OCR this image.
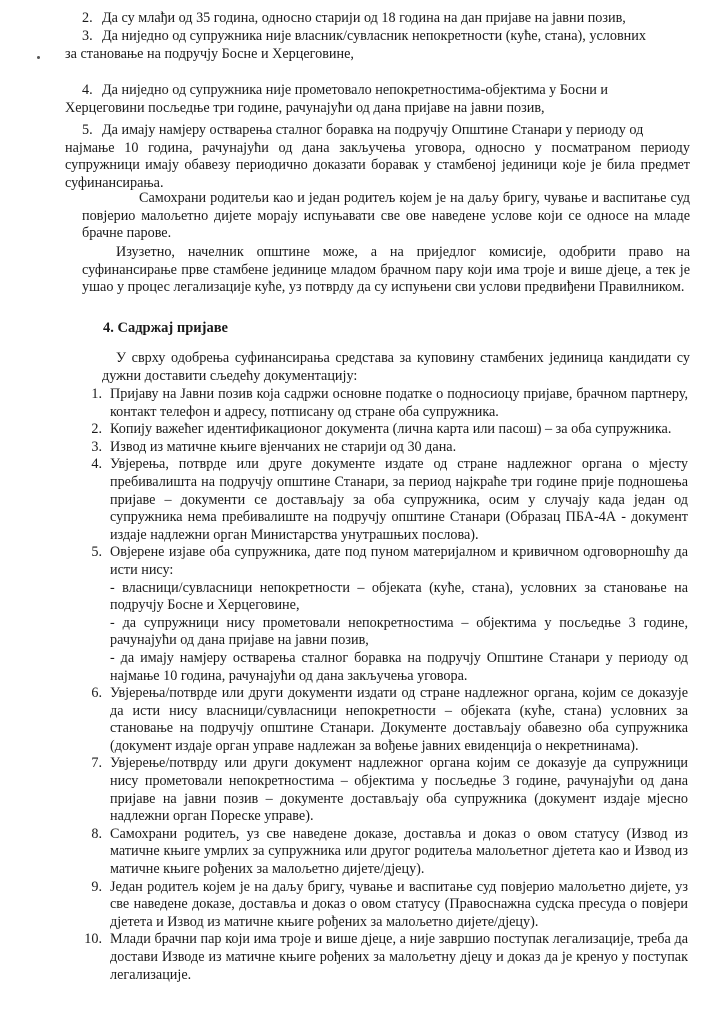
2. Да су млађи од 35 година, односно старији од 18 година на дан пријаве на јавни позив,
3. Да ниједно од супружника није власник/сувласник непокретности (куће, стана), условних
за становање на подручју Босне и Херцеговине,
4. Да ниједно од супружника није прометовало непокретностима-објектима у Босни и
Херцеговини посљедње три године, рачунајући од дана пријаве на јавни позив,
5. Да имају намјеру остварења сталног боравка на подручју Општине Станари у периоду од
најмање 10 година, рачунајући од дана закључења уговора, односно у посматраном периоду супружници имају обавезу периодично доказати боравак у стамбеној јединици које је била предмет суфинансирања.
Самохрани родитељи као и један родитељ којем је на даљу бригу, чување и васпитање суд повјерио малољетно дијете морају испуњавати све ове наведене услове који се односе на младе брачне парове.
Изузетно, начелник општине може, а на приједлог комисије, одобрити право на суфинансирање прве стамбене јединице младом брачном пару који има троје и више дјеце, а тек је ушао у процес легализације куће, уз потврду да су испуњени сви услови предвиђени Правилником.
4. Садржај пријаве
У сврху одобрења суфинансирања средстава за куповину стамбених јединица кандидати су дужни доставити сљедећу документацију:
1. Пријаву на Јавни позив која садржи основне податке о подносиоцу пријаве, брачном партнеру, контакт телефон и адресу, потписану од стране оба супружника.
2. Копију важећег идентификационог документа (лична карта или пасош) – за оба супружника.
3. Извод из матичне књиге вјенчаних не старији од 30 дана.
4. Увјерења, потврде или друге документе издате од стране надлежног органа о мјесту пребивалишта на подручју општине Станари, за период најкраће три године прије подношења пријаве – документи се достављају за оба супружника, осим у случају када један од супружника нема пребивалиште на подручју општине Станари (Образац ПБА-4А - документ издаје надлежни орган Министарства унутрашњих послова).
5. Овјерене изјаве оба супружника, дате под пуном материјалном и кривичном одговорношћу да исти нису:
- власници/сувласници непокретности – објеката (куће, стана), условних за становање на подручју Босне и Херцеговине,
- да супружници нису прометовали непокретностима – објектима у посљедње 3 године, рачунајући од дана пријаве на јавни позив,
- да имају намјеру остварења сталног боравка на подручју Општине Станари у периоду од најмање 10 година, рачунајући од дана закључења уговора.
6. Увјерења/потврде или други документи издати од стране надлежног органа, којим се доказује да исти нису власници/сувласници непокретности – објеката (куће, стана) условних за становање на подручју општине Станари. Документе достављају обавезно оба супружника (документ издаје орган управе надлежан за вођење јавних евиденција о некретнинама).
7. Увјерење/потврду или други документ надлежног органа којим се доказује да супружници нису прометовали непокретностима – објектима у посљедње 3 године, рачунајући од дана пријаве на јавни позив – документе достављају оба супружника (документ издаје мјесно надлежни орган Пореске управе).
8. Самохрани родитељ, уз све наведене доказе, доставља и доказ о овом статусу (Извод из матичне књиге умрлих за супружника или другог родитеља малољетног дјетета као и Извод из матичне књиге рођених за малољетно дијете/дјецу).
9. Један родитељ којем је на даљу бригу, чување и васпитање суд повјерио малољетно дијете, уз све наведене доказе, доставља и доказ о овом статусу (Правоснажна судска пресуда о повјери дјетета и Извод из матичне књиге рођених за малољетно дијете/дјецу).
10. Млади брачни пар који има троје и више дјеце, а није завршио поступак легализације, треба да достави Изводе из матичне књиге рођених за малољетну дјецу и доказ да је кренуо у поступак легализације.
